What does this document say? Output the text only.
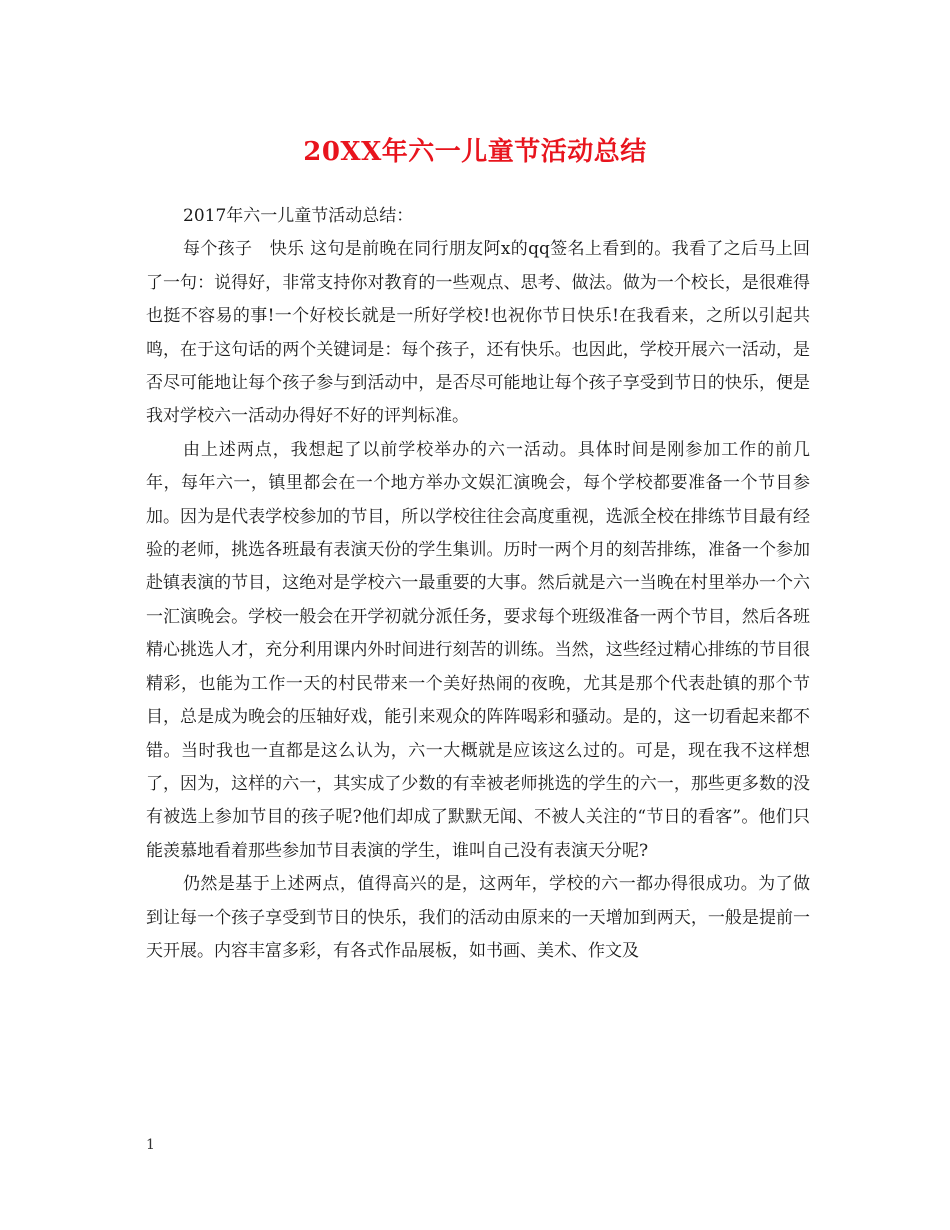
20XX年六一儿童节活动总结

2017年六一儿童节活动总结：

每个孩子　快乐 这句是前晚在同行朋友阿x的qq签名上看到的。我看了之后马上回了一句：说得好，非常支持你对教育的一些观点、思考、做法。做为一个校长，是很难得也挺不容易的事!一个好校长就是一所好学校!也祝你节日快乐!在我看来，之所以引起共鸣，在于这句话的两个关键词是：每个孩子，还有快乐。也因此，学校开展六一活动，是否尽可能地让每个孩子参与到活动中，是否尽可能地让每个孩子享受到节日的快乐，便是我对学校六一活动办得好不好的评判标准。

由上述两点，我想起了以前学校举办的六一活动。具体时间是刚参加工作的前几年，每年六一，镇里都会在一个地方举办文娱汇演晚会，每个学校都要准备一个节目参加。因为是代表学校参加的节目，所以学校往往会高度重视，选派全校在排练节目最有经验的老师，挑选各班最有表演天份的学生集训。历时一两个月的刻苦排练，准备一个参加赴镇表演的节目，这绝对是学校六一最重要的大事。然后就是六一当晚在村里举办一个六一汇演晚会。学校一般会在开学初就分派任务，要求每个班级准备一两个节目，然后各班精心挑选人才，充分利用课内外时间进行刻苦的训练。当然，这些经过精心排练的节目很精彩，也能为工作一天的村民带来一个美好热闹的夜晚，尤其是那个代表赴镇的那个节目，总是成为晚会的压轴好戏，能引来观众的阵阵喝彩和骚动。是的，这一切看起来都不错。当时我也一直都是这么认为，六一大概就是应该这么过的。可是，现在我不这样想了，因为，这样的六一，其实成了少数的有幸被老师挑选的学生的六一，那些更多数的没有被选上参加节目的孩子呢?他们却成了默默无闻、不被人关注的“节日的看客”。他们只能羡慕地看着那些参加节目表演的学生，谁叫自己没有表演天分呢?

仍然是基于上述两点，值得高兴的是，这两年，学校的六一都办得很成功。为了做到让每一个孩子享受到节日的快乐，我们的活动由原来的一天增加到两天，一般是提前一天开展。内容丰富多彩，有各式作品展板，如书画、美术、作文及

1
